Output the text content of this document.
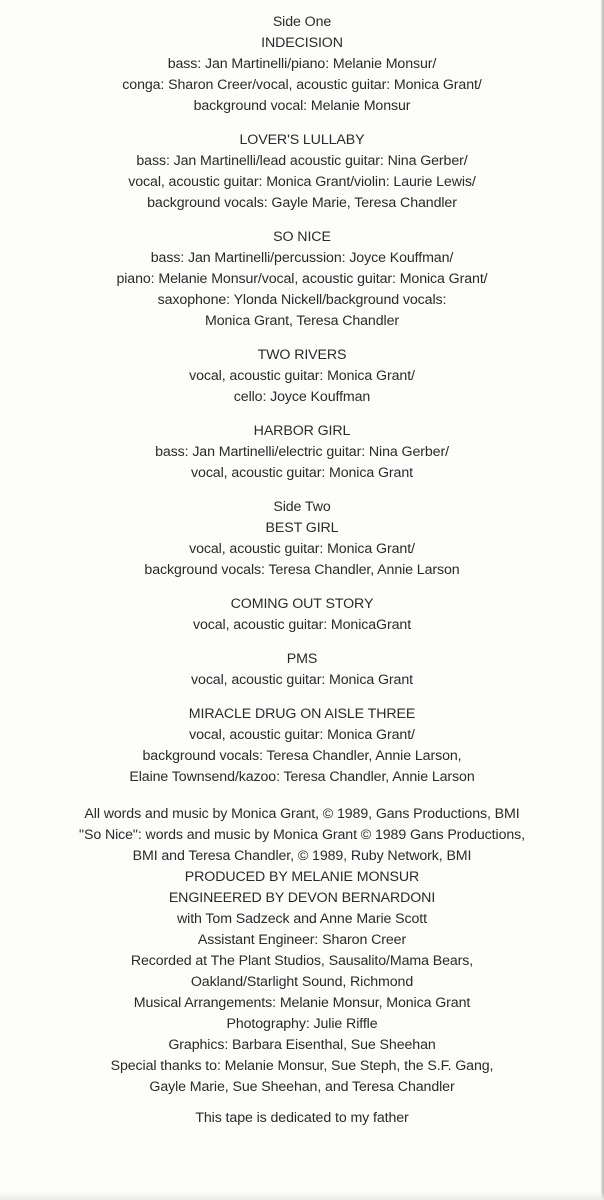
Side One
INDECISION
bass: Jan Martinelli/piano: Melanie Monsur/
conga: Sharon Creer/vocal, acoustic guitar: Monica Grant/
background vocal: Melanie Monsur
LOVER'S LULLABY
bass: Jan Martinelli/lead acoustic guitar: Nina Gerber/
vocal, acoustic guitar: Monica Grant/violin: Laurie Lewis/
background vocals: Gayle Marie, Teresa Chandler
SO NICE
bass: Jan Martinelli/percussion: Joyce Kouffman/
piano: Melanie Monsur/vocal, acoustic guitar: Monica Grant/
saxophone: Ylonda Nickell/background vocals:
Monica Grant, Teresa Chandler
TWO RIVERS
vocal, acoustic guitar: Monica Grant/
cello: Joyce Kouffman
HARBOR GIRL
bass: Jan Martinelli/electric guitar: Nina Gerber/
vocal, acoustic guitar: Monica Grant
Side Two
BEST GIRL
vocal, acoustic guitar: Monica Grant/
background vocals: Teresa Chandler, Annie Larson
COMING OUT STORY
vocal, acoustic guitar: MonicaGrant
PMS
vocal, acoustic guitar: Monica Grant
MIRACLE DRUG ON AISLE THREE
vocal, acoustic guitar: Monica Grant/
background vocals: Teresa Chandler, Annie Larson,
Elaine Townsend/kazoo: Teresa Chandler, Annie Larson
All words and music by Monica Grant, © 1989, Gans Productions, BMI
"So Nice": words and music by Monica Grant © 1989 Gans Productions,
BMI and Teresa Chandler, © 1989, Ruby Network, BMI
PRODUCED BY MELANIE MONSUR
ENGINEERED BY DEVON BERNARDONI
with Tom Sadzeck and Anne Marie Scott
Assistant Engineer: Sharon Creer
Recorded at The Plant Studios, Sausalito/Mama Bears,
Oakland/Starlight Sound, Richmond
Musical Arrangements: Melanie Monsur, Monica Grant
Photography: Julie Riffle
Graphics: Barbara Eisenthal, Sue Sheehan
Special thanks to: Melanie Monsur, Sue Steph, the S.F. Gang,
Gayle Marie, Sue Sheehan, and Teresa Chandler
This tape is dedicated to my father
